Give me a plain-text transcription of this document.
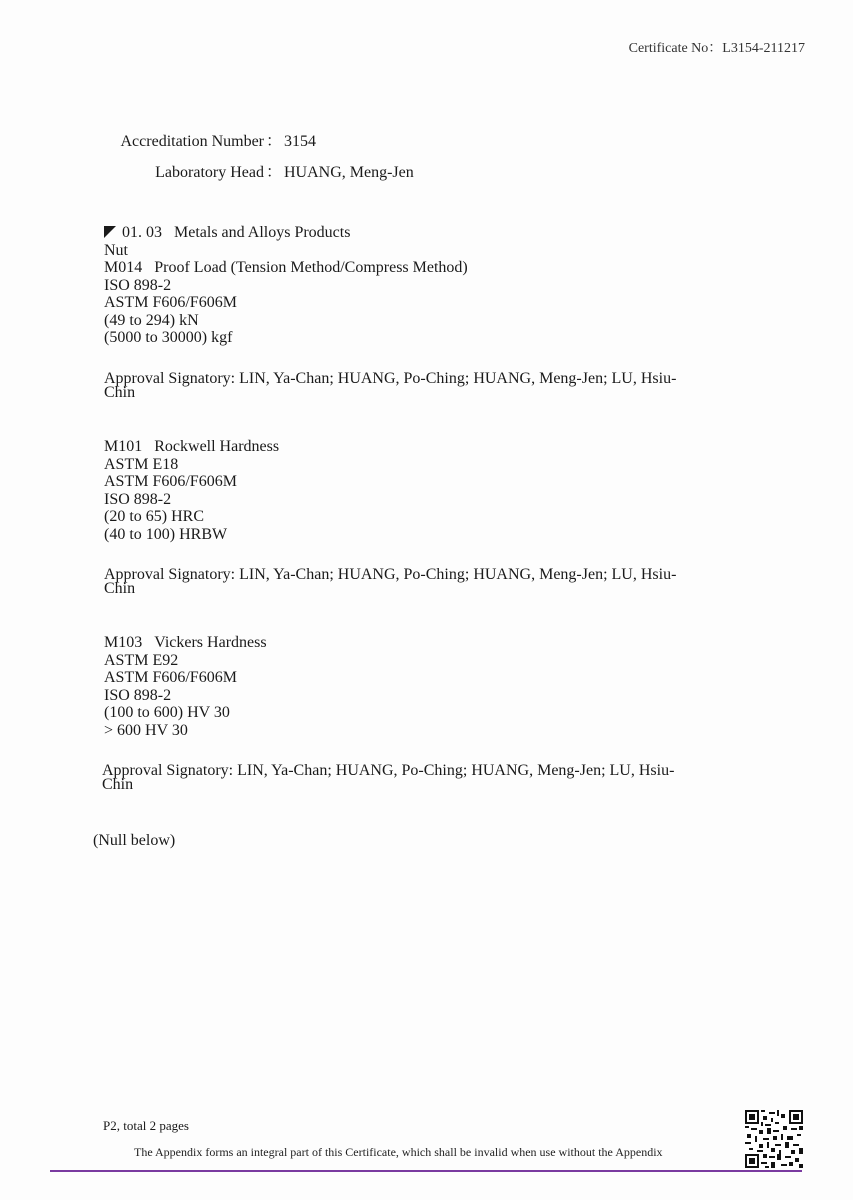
Certificate No：L3154-211217
Accreditation Number ： 3154
Laboratory Head ： HUANG, Meng-Jen
01. 03 Metals and Alloys Products
Nut
M014 Proof Load (Tension Method/Compress Method)
ISO 898-2
ASTM F606/F606M
(49 to 294) kN
(5000 to 30000) kgf
Approval Signatory: LIN, Ya-Chan; HUANG, Po-Ching; HUANG, Meng-Jen; LU, Hsiu-
Chin
M101 Rockwell Hardness
ASTM E18
ASTM F606/F606M
ISO 898-2
(20 to 65) HRC
(40 to 100) HRBW
Approval Signatory: LIN, Ya-Chan; HUANG, Po-Ching; HUANG, Meng-Jen; LU, Hsiu-
Chin
M103 Vickers Hardness
ASTM E92
ASTM F606/F606M
ISO 898-2
(100 to 600) HV 30
> 600 HV 30
Approval Signatory: LIN, Ya-Chan; HUANG, Po-Ching; HUANG, Meng-Jen; LU, Hsiu-
Chin
(Null below)
P2, total 2 pages
The Appendix forms an integral part of this Certificate, which shall be invalid when use without the Appendix
